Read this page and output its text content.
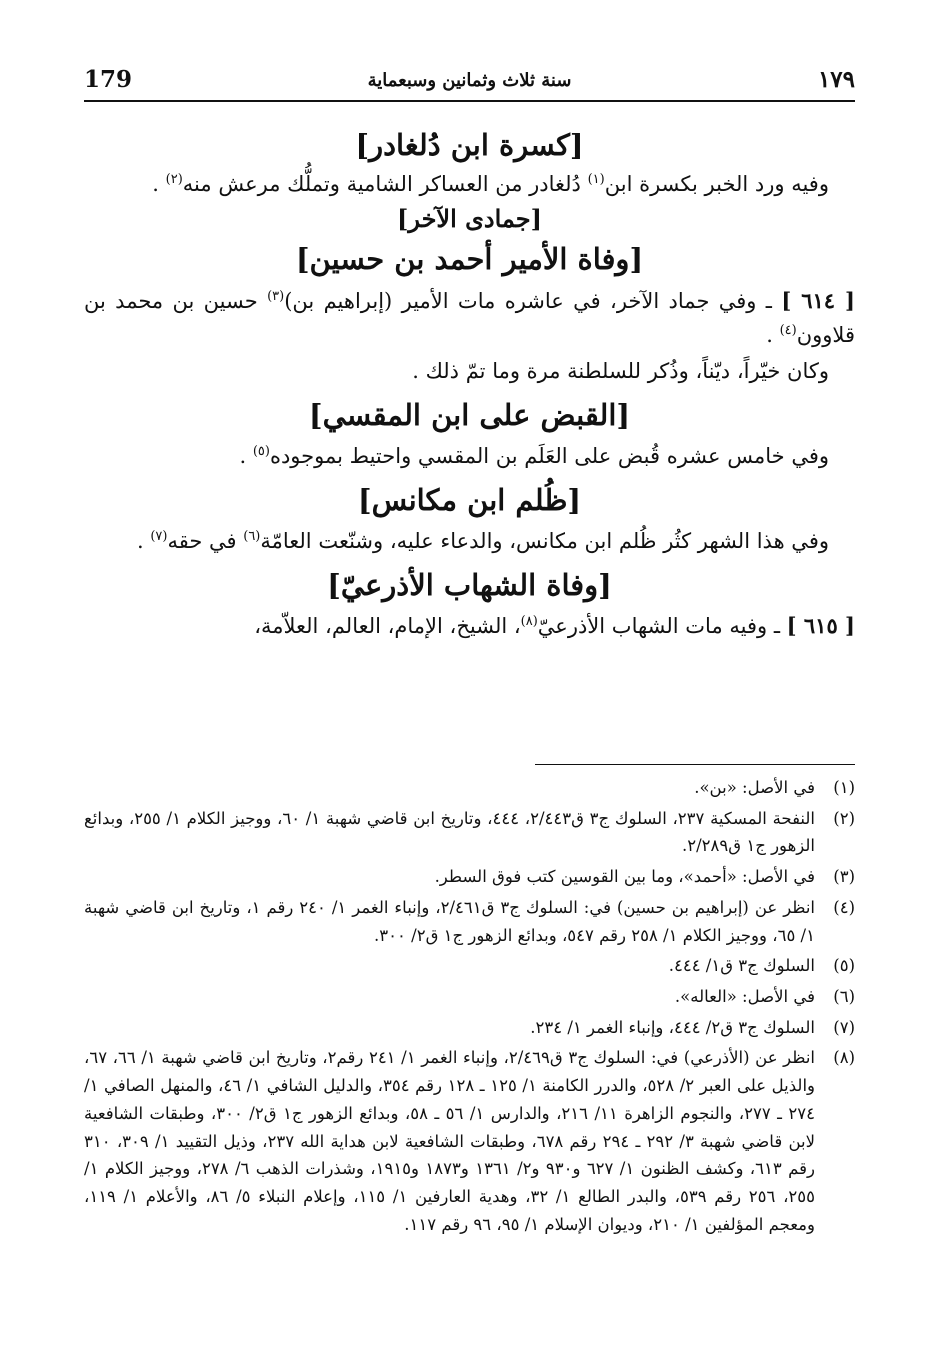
179	سنة ثلاث وثمانين وسبعماية	١٧٩
[كسرة ابن دُلغادر]

وفيه ورد الخبر بكسرة ابن$^{(١)}$ دُلغادر من العساكر الشامية وتملُّك مرعش منه$^{(٢)}$ .

[جمادى الآخر]
[وفاة الأمير أحمد بن حسين]

[ ٦١٤ ] ـ وفي جماد الآخر، في عاشره مات الأمير (إبراهيم بن)$^{(٣)}$ حسين بن محمد بن قلاوون$^{(٤)}$ .

وكان خيّراً، ديّناً، وذُكر للسلطنة مرة وما تمّ ذلك .

[القبض على ابن المقسي]

وفي خامس عشره قُبض على العَلَم بن المقسي واحتيط بموجوده$^{(٥)}$ .

[ظُلم ابن مكانس]

وفي هذا الشهر كثُر ظُلم ابن مكانس، والدعاء عليه، وشنّعت العامّة$^{(٦)}$ في حقه$^{(٧)}$ .

[وفاة الشهاب الأذرعيّ]

[ ٦١٥ ] ـ وفيه مات الشهاب الأذرعيّ$^{(٨)}$، الشيخ، الإمام، العالم، العلاّمة،

(١)
في الأصل: «بن».
(٢)
النفحة المسكية ٢٣٧، السلوك ج٣ ق٢/٤٤٣، ٤٤٤، وتاريخ ابن قاضي شهبة ١/ ٦٠، ووجيز الكلام ١/ ٢٥٥، وبدائع الزهور ج١ ق٢/٢٨٩.
(٣)
في الأصل: «أحمد»، وما بين القوسين كتب فوق السطر.
(٤)
انظر عن (إبراهيم بن حسين) في: السلوك ج٣ ق٢/٤٦١، وإنباء الغمر ١/ ٢٤٠ رقم ١، وتاريخ ابن قاضي شهبة ١/ ٦٥، ووجيز الكلام ١/ ٢٥٨ رقم ٥٤٧، وبدائع الزهور ج١ ق٢/ ٣٠٠.
(٥)
السلوك ج٣ ق١/ ٤٤٤.
(٦)
في الأصل: «العاله».
(٧)
السلوك ج٣ ق٢/ ٤٤٤، وإنباء الغمر ١/ ٢٣٤.
(٨)
انظر عن (الأذرعي) في: السلوك ج٣ ق٢/٤٦٩، وإنباء الغمر ١/ ٢٤١ رقم٢، وتاريخ ابن قاضي شهبة ١/ ٦٦، ٦٧، والذيل على العبر ٢/ ٥٢٨، والدرر الكامنة ١/ ١٢٥ ـ ١٢٨ رقم ٣٥٤، والدليل الشافي ١/ ٤٦، والمنهل الصافي ١/ ٢٧٤ ـ ٢٧٧، والنجوم الزاهرة ١١/ ٢١٦، والدارس ١/ ٥٦ ـ ٥٨، وبدائع الزهور ج١ ق٢/ ٣٠٠، وطبقات الشافعية لابن قاضي شهبة ٣/ ٢٩٢ ـ ٢٩٤ رقم ٦٧٨، وطبقات الشافعية لابن هداية الله ٢٣٧، وذيل التقييد ١/ ٣٠٩، ٣١٠ رقم ٦١٣، وكشف الظنون ١/ ٦٢٧ و٩٣٠ و٢/ ١٣٦١ و١٨٧٣ و١٩١٥، وشذرات الذهب ٦/ ٢٧٨، ووجيز الكلام ١/ ٢٥٥، ٢٥٦ رقم ٥٣٩، والبدر الطالع ١/ ٣٢، وهدية العارفين ١/ ١١٥، وإعلام النبلاء ٥/ ٨٦، والأعلام ١/ ١١٩، ومعجم المؤلفين ١/ ٢١٠، وديوان الإسلام ١/ ٩٥، ٩٦ رقم ١١٧.
